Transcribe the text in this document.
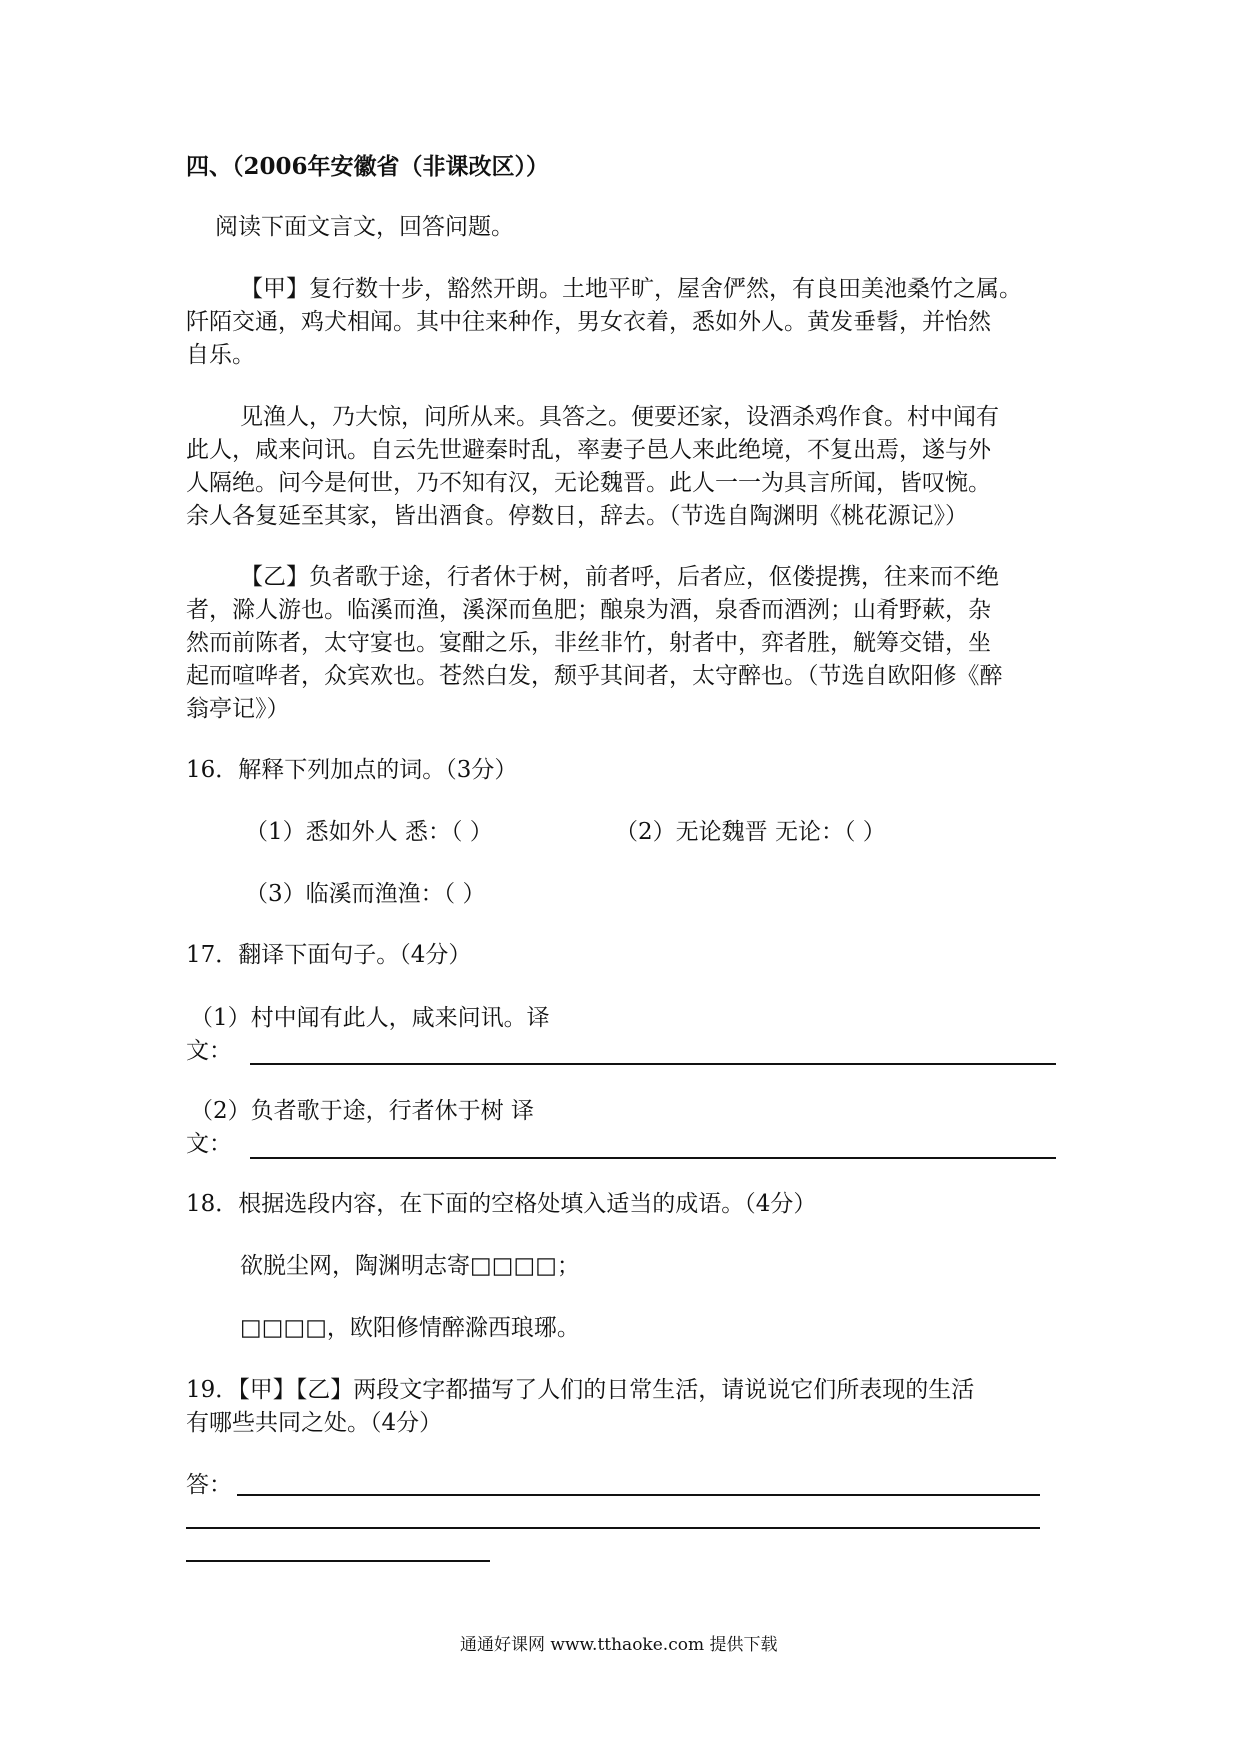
四、（2006年安徽省（非课改区））
阅读下面文言文，回答问题。
【甲】复行数十步，豁然开朗。土地平旷，屋舍俨然，有良田美池桑竹之属。
阡陌交通，鸡犬相闻。其中往来种作，男女衣着，悉如外人。黄发垂髫，并怡然
自乐。
见渔人，乃大惊，问所从来。具答之。便要还家，设酒杀鸡作食。村中闻有
此人，咸来问讯。自云先世避秦时乱，率妻子邑人来此绝境，不复出焉，遂与外
人隔绝。问今是何世，乃不知有汉，无论魏晋。此人一一为具言所闻，皆叹惋。
余人各复延至其家，皆出酒食。停数日，辞去。（节选自陶渊明《桃花源记》）
【乙】负者歌于途，行者休于树，前者呼，后者应，伛偻提携，往来而不绝
者，滁人游也。临溪而渔，溪深而鱼肥；酿泉为酒，泉香而酒洌；山肴野蔌，杂
然而前陈者，太守宴也。宴酣之乐，非丝非竹，射者中，弈者胜，觥筹交错，坐
起而喧哗者，众宾欢也。苍然白发，颓乎其间者，太守醉也。（节选自欧阳修《醉
翁亭记》）
16．解释下列加点的词。（3分）
（1）悉如外人 悉：（ ）	（2）无论魏晋 无论：（ ）
（3）临溪而渔渔：（ ）
17．翻译下面句子。（4分）
（1）村中闻有此人，咸来问讯。译
文：
（2）负者歌于途，行者休于树 译
文：
18．根据选段内容，在下面的空格处填入适当的成语。（4分）
欲脱尘网，陶渊明志寄□□□□；
□□□□，欧阳修情醉滁西琅琊。
19．【甲】【乙】两段文字都描写了人们的日常生活，请说说它们所表现的生活
有哪些共同之处。（4分）
答：
通通好课网 www.tthaoke.com 提供下载
